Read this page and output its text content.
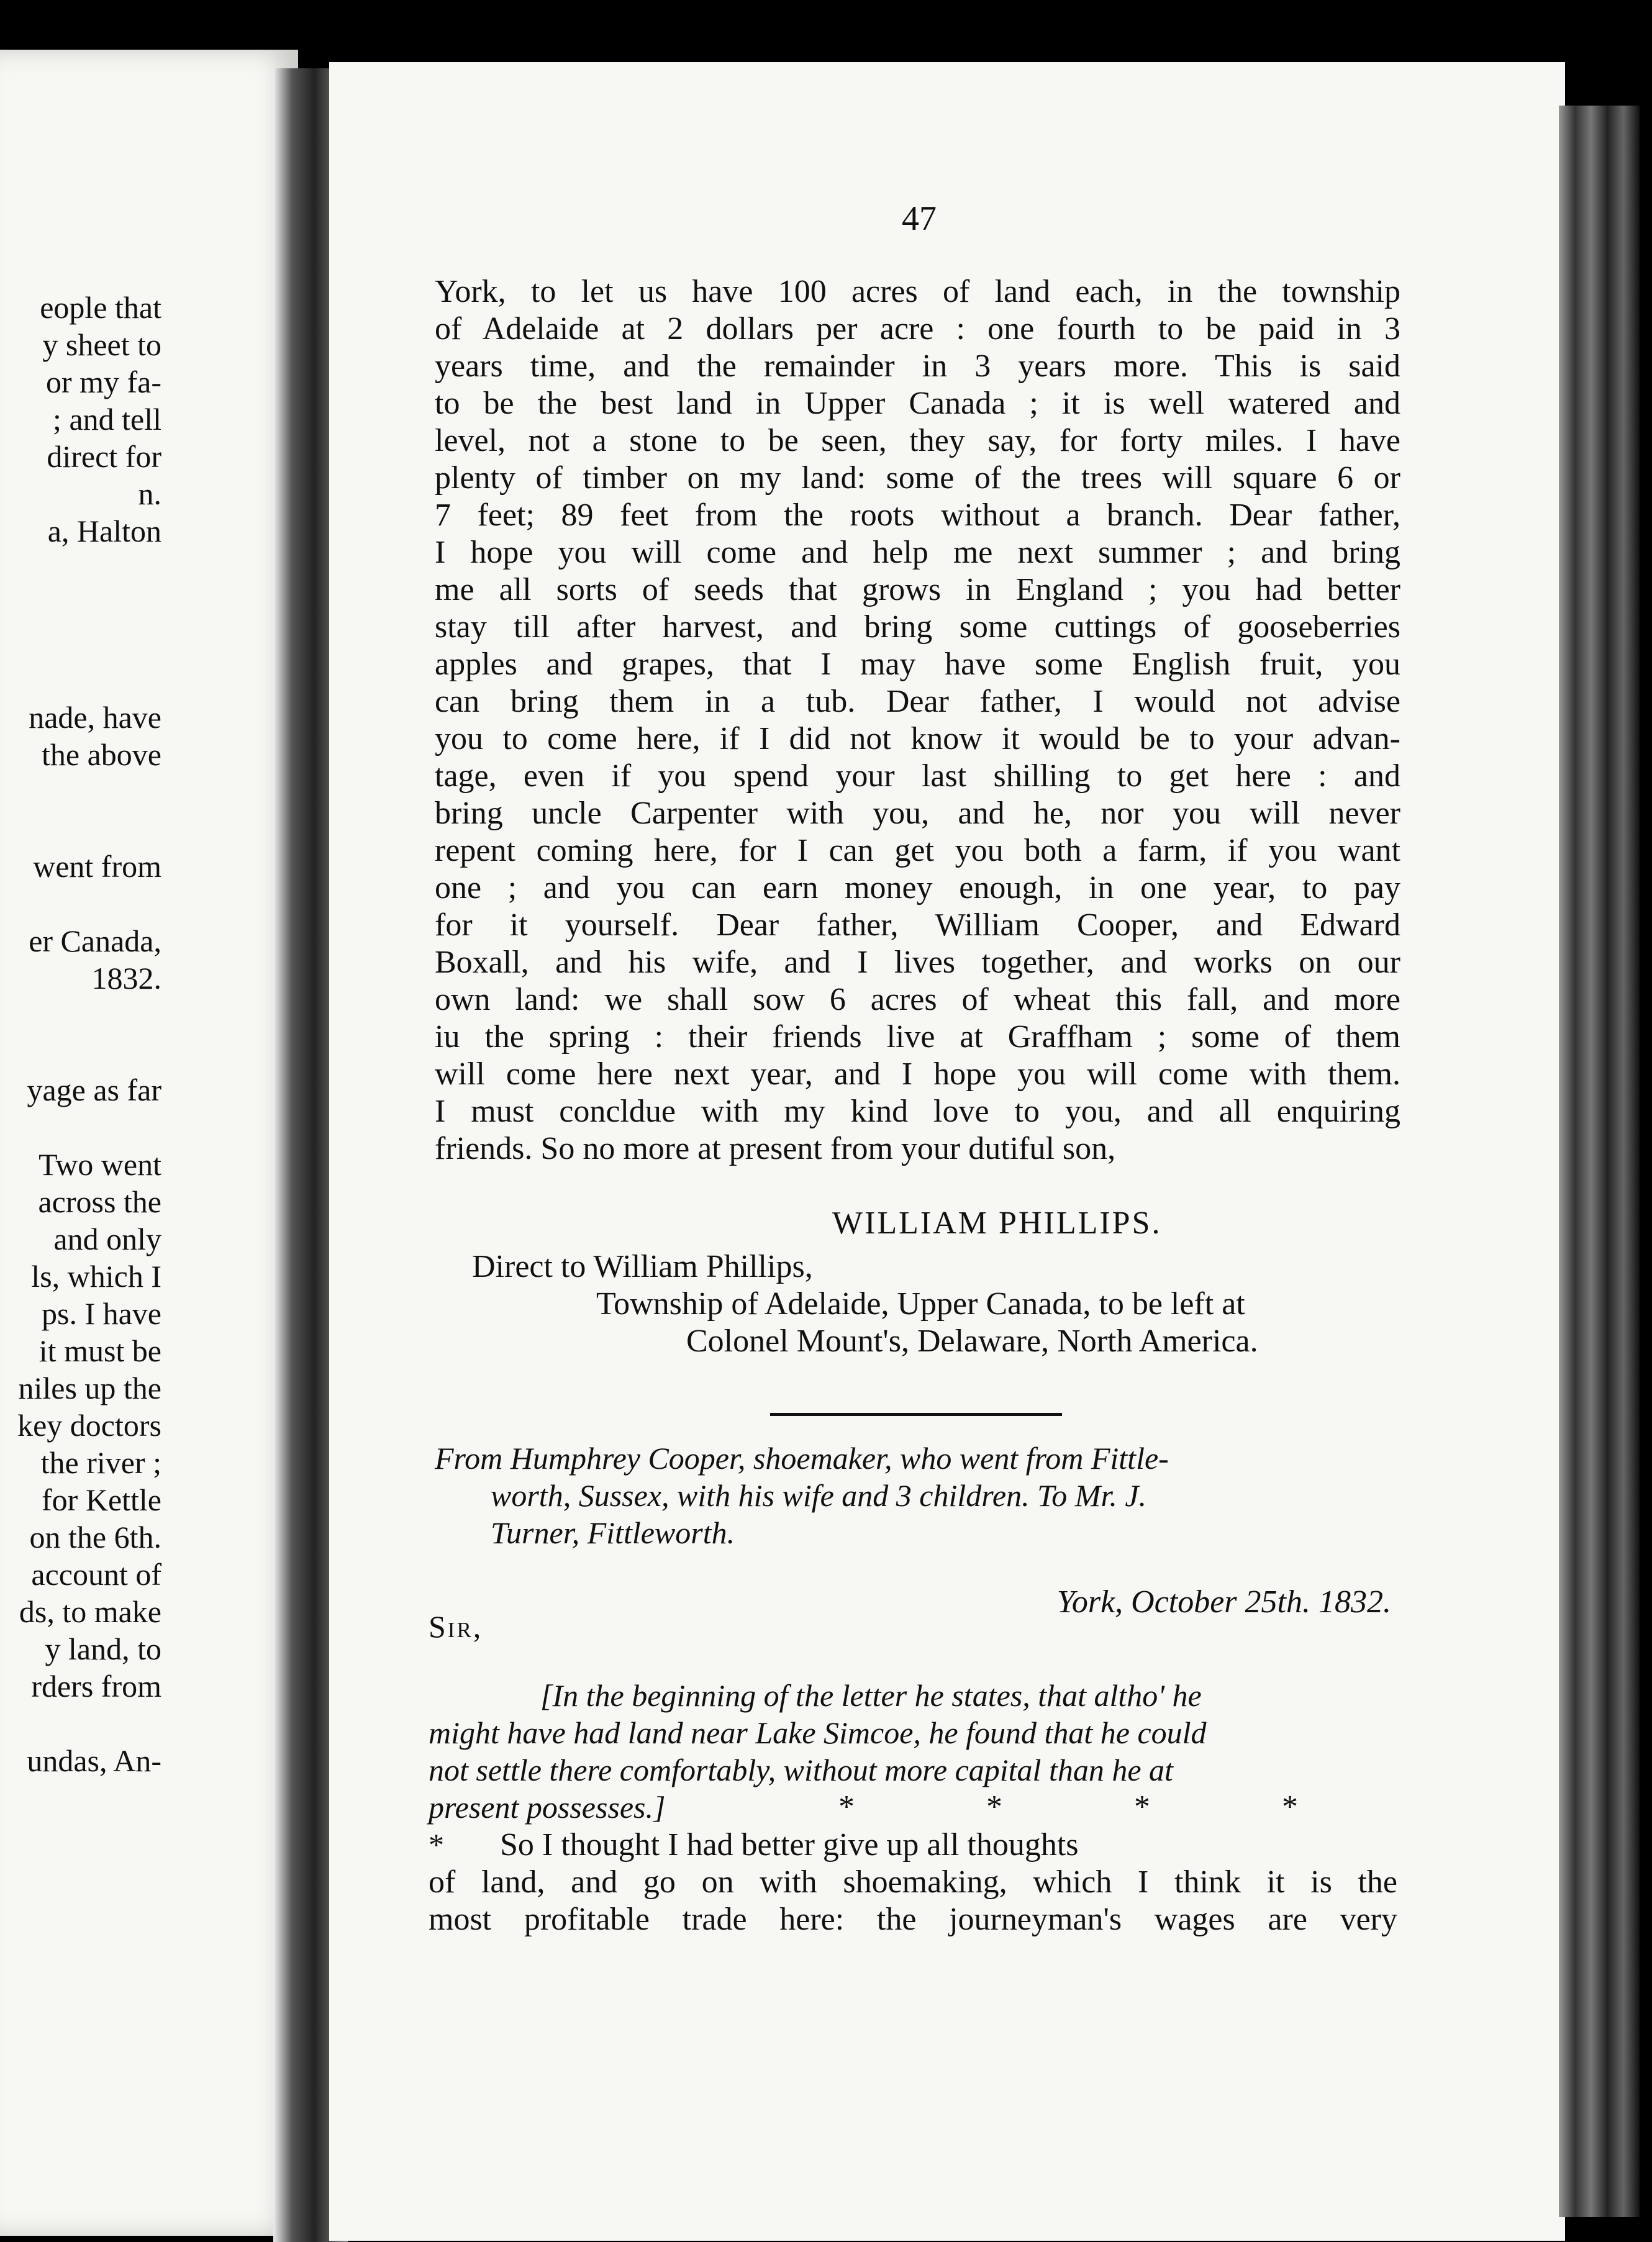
eople that
y sheet to
or my fa-
; and tell
direct for
n.
a, Halton
nade, have
the above
went from
er Canada,
1832.
yage as far
Two went
across the
and only
ls, which I
ps. I have
it must be
niles up the
key doctors
the river ;
for Kettle
on the 6th.
account of
ds, to make
y land, to
rders from
undas, An-
47
York, to let us have 100 acres of land each, in the township
of Adelaide at 2 dollars per acre : one fourth to be paid in 3
years time, and the remainder in 3 years more. This is said
to be the best land in Upper Canada ; it is well watered and
level, not a stone to be seen, they say, for forty miles. I have
plenty of timber on my land: some of the trees will square 6 or
7 feet; 89 feet from the roots without a branch. Dear father,
I hope you will come and help me next summer ; and bring
me all sorts of seeds that grows in England ; you had better
stay till after harvest, and bring some cuttings of gooseberries
apples and grapes, that I may have some English fruit, you
can bring them in a tub. Dear father, I would not advise
you to come here, if I did not know it would be to your advan-
tage, even if you spend your last shilling to get here : and
bring uncle Carpenter with you, and he, nor you will never
repent coming here, for I can get you both a farm, if you want
one ; and you can earn money enough, in one year, to pay
for it yourself. Dear father, William Cooper, and Edward
Boxall, and his wife, and I lives together, and works on our
own land: we shall sow 6 acres of wheat this fall, and more
iu the spring : their friends live at Graffham ; some of them
will come here next year, and I hope you will come with them.
I must concldue with my kind love to you, and all enquiring
friends. So no more at present from your dutiful son,
WILLIAM PHILLIPS.
Direct to William Phillips,
Township of Adelaide, Upper Canada, to be left at
Colonel Mount's, Delaware, North America.
From Humphrey Cooper, shoemaker, who went from Fittle-
worth, Sussex, with his wife and 3 children. To Mr. J.
Turner, Fittleworth.
York, October 25th. 1832.
Sir,
[In the beginning of the letter he states, that altho' he
might have had land near Lake Simcoe, he found that he could
not settle there comfortably, without more capital than he at
present possesses.]	*	*	*	*
* So I thought I had better give up all thoughts
of land, and go on with shoemaking, which I think it is the
most profitable trade here: the journeyman's wages are very
